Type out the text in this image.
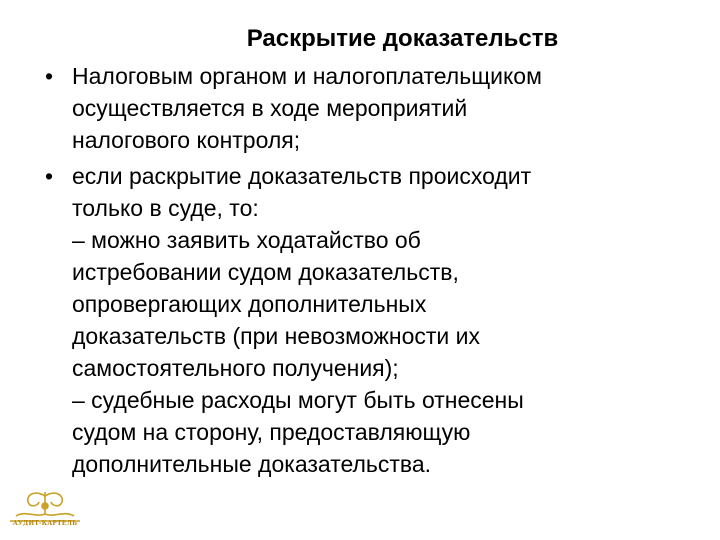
Раскрытие доказательств
• Налоговым органом и налогоплательщиком
осуществляется в ходе мероприятий
налогового контроля;
• если раскрытие доказательств происходит
только в суде, то:
– можно заявить ходатайство об
истребовании судом доказательств,
опровергающих дополнительных
доказательств (при невозможности их
самостоятельного получения);
– судебные расходы могут быть отнесены
судом на сторону, предоставляющую
дополнительные доказательства.
АУДИТ-КАРТЕЛЬ
